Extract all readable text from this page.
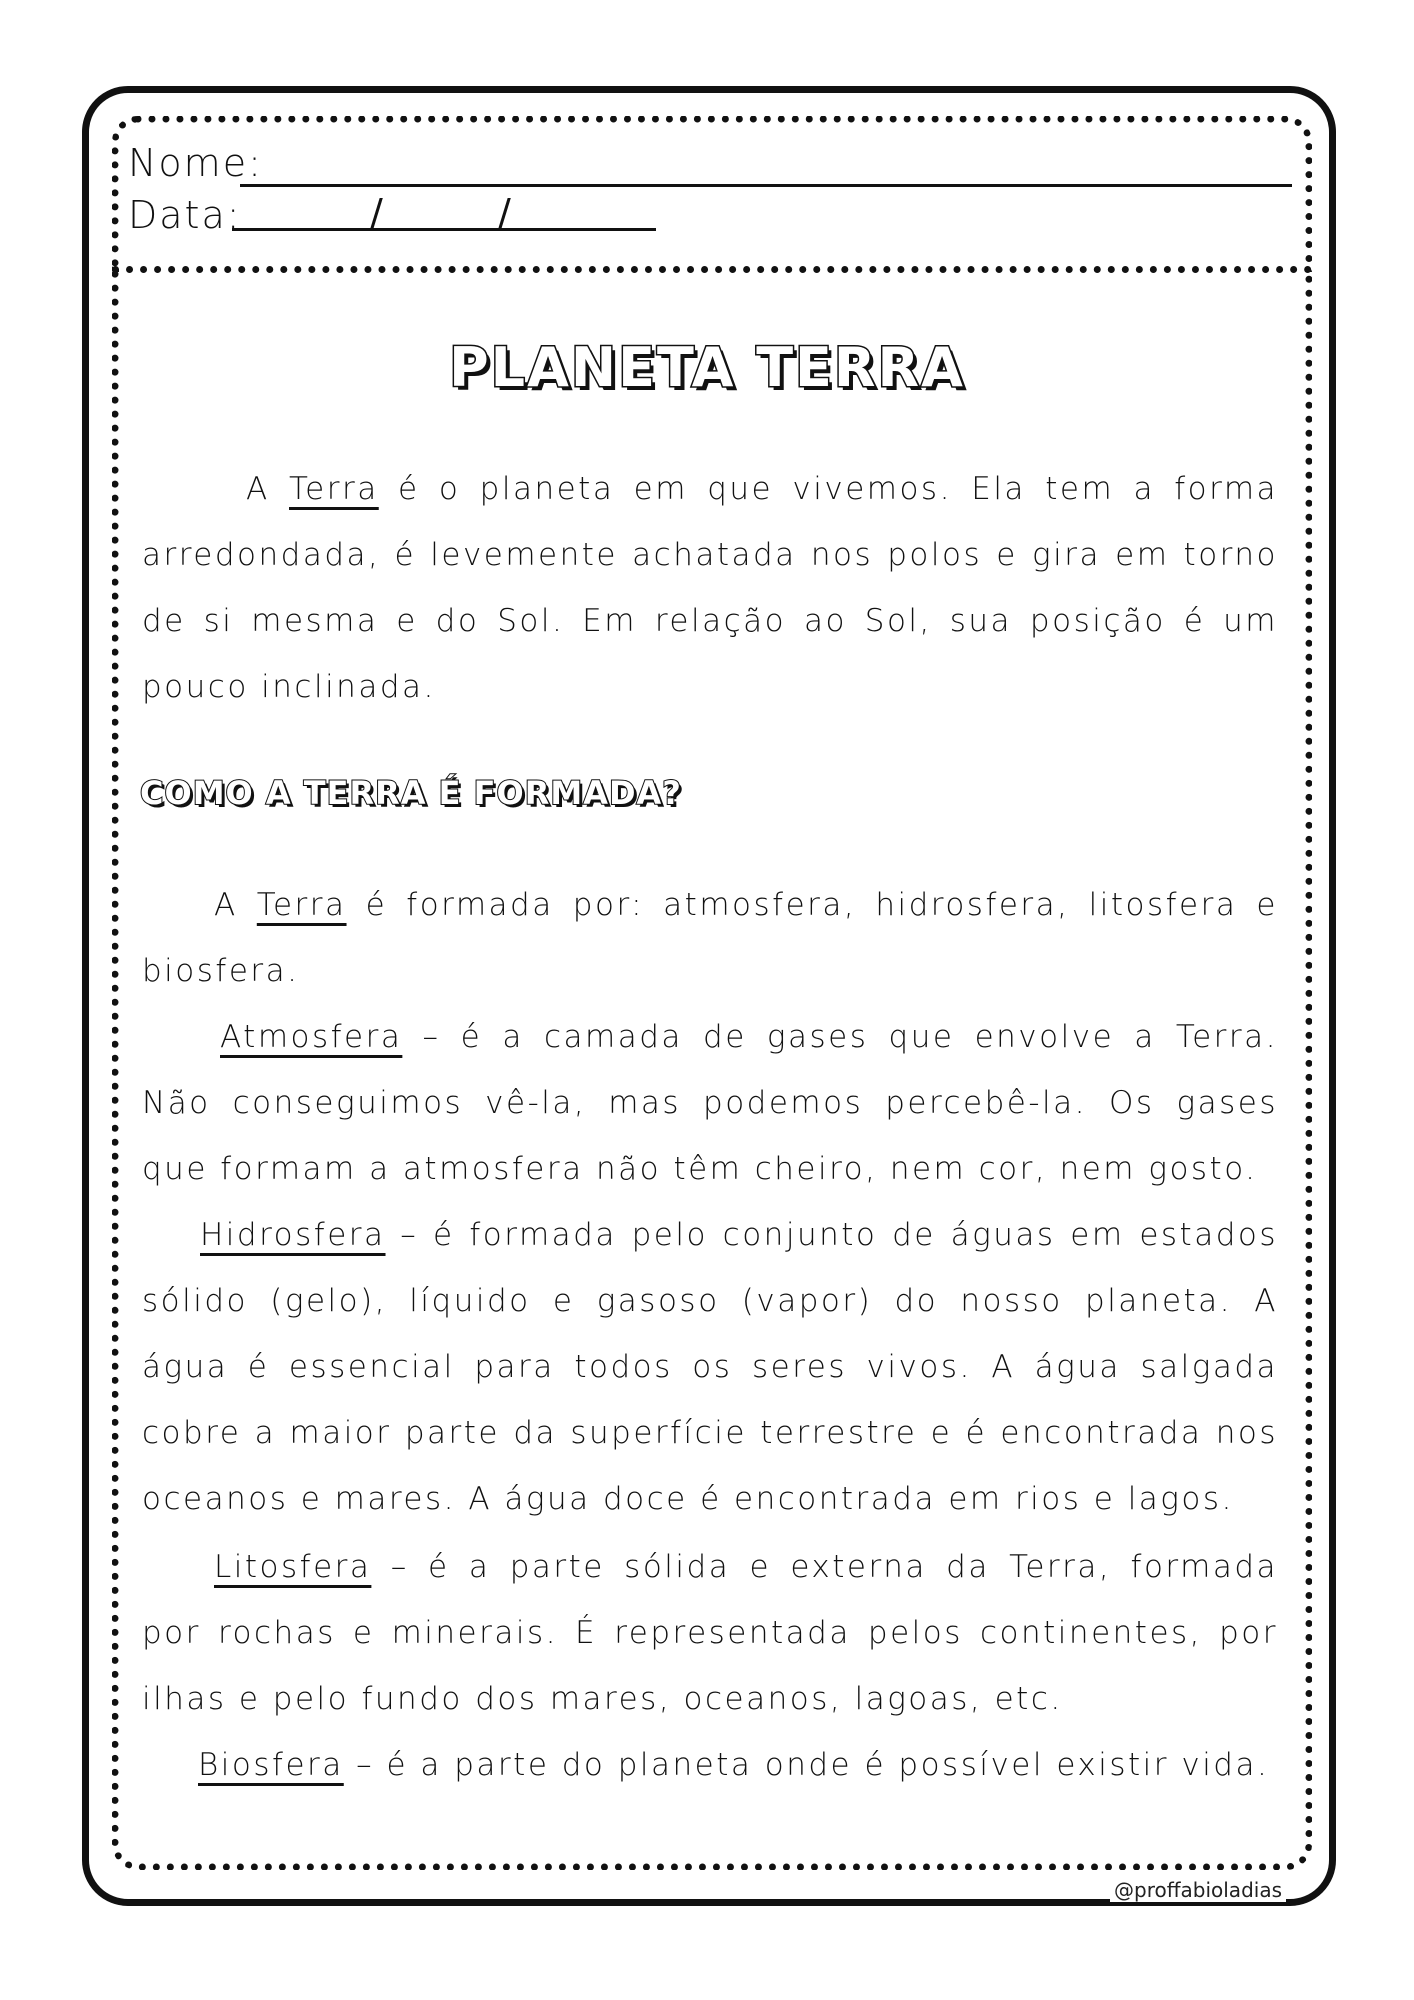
Nome:
Data:	/	/
PLANETA TERRA
A Terra é o planeta em que vivemos. Ela tem a forma arredondada, é levemente achatada nos polos e gira em torno de si mesma e do Sol. Em relação ao Sol, sua posição é um pouco inclinada.
COMO A TERRA É FORMADA?
A Terra é formada por: atmosfera, hidrosfera, litosfera e biosfera.
Atmosfera – é a camada de gases que envolve a Terra. Não conseguimos vê-la, mas podemos percebê-la. Os gases que formam a atmosfera não têm cheiro, nem cor, nem gosto.
Hidrosfera – é formada pelo conjunto de águas em estados sólido (gelo), líquido e gasoso (vapor) do nosso planeta. A água é essencial para todos os seres vivos. A água salgada cobre a maior parte da superfície terrestre e é encontrada nos oceanos e mares. A água doce é encontrada em rios e lagos.
Litosfera – é a parte sólida e externa da Terra, formada por rochas e minerais. É representada pelos continentes, por ilhas e pelo fundo dos mares, oceanos, lagoas, etc.
Biosfera – é a parte do planeta onde é possível existir vida.
@proffabioladias
